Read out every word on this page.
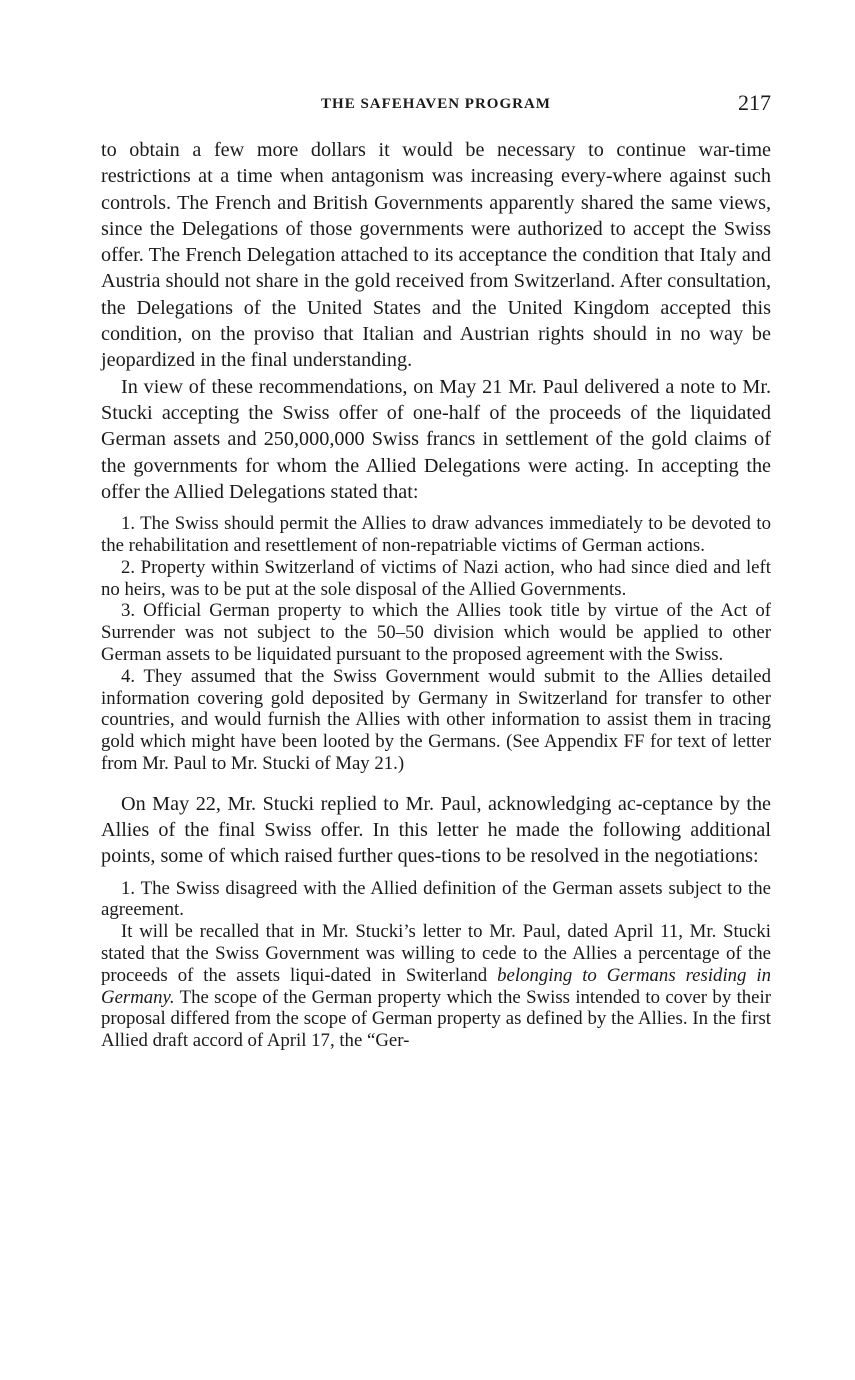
THE SAFEHAVEN PROGRAM	217

to obtain a few more dollars it would be necessary to continue war-time restrictions at a time when antagonism was increasing every-where against such controls. The French and British Governments apparently shared the same views, since the Delegations of those governments were authorized to accept the Swiss offer. The French Delegation attached to its acceptance the condition that Italy and Austria should not share in the gold received from Switzerland. After consultation, the Delegations of the United States and the United Kingdom accepted this condition, on the proviso that Italian and Austrian rights should in no way be jeopardized in the final understanding.

In view of these recommendations, on May 21 Mr. Paul delivered a note to Mr. Stucki accepting the Swiss offer of one-half of the proceeds of the liquidated German assets and 250,000,000 Swiss francs in settlement of the gold claims of the governments for whom the Allied Delegations were acting. In accepting the offer the Allied Delegations stated that:

1. The Swiss should permit the Allies to draw advances immediately to be devoted to the rehabilitation and resettlement of non-repatriable victims of German actions.

2. Property within Switzerland of victims of Nazi action, who had since died and left no heirs, was to be put at the sole disposal of the Allied Governments.

3. Official German property to which the Allies took title by virtue of the Act of Surrender was not subject to the 50–50 division which would be applied to other German assets to be liquidated pursuant to the proposed agreement with the Swiss.

4. They assumed that the Swiss Government would submit to the Allies detailed information covering gold deposited by Germany in Switzerland for transfer to other countries, and would furnish the Allies with other information to assist them in tracing gold which might have been looted by the Germans. (See Appendix FF for text of letter from Mr. Paul to Mr. Stucki of May 21.)

On May 22, Mr. Stucki replied to Mr. Paul, acknowledging ac-ceptance by the Allies of the final Swiss offer. In this letter he made the following additional points, some of which raised further ques-tions to be resolved in the negotiations:

1. The Swiss disagreed with the Allied definition of the German assets subject to the agreement.

It will be recalled that in Mr. Stucki’s letter to Mr. Paul, dated April 11, Mr. Stucki stated that the Swiss Government was willing to cede to the Allies a percentage of the proceeds of the assets liqui-dated in Switerland belonging to Germans residing in Germany. The scope of the German property which the Swiss intended to cover by their proposal differed from the scope of German property as defined by the Allies. In the first Allied draft accord of April 17, the “Ger-
